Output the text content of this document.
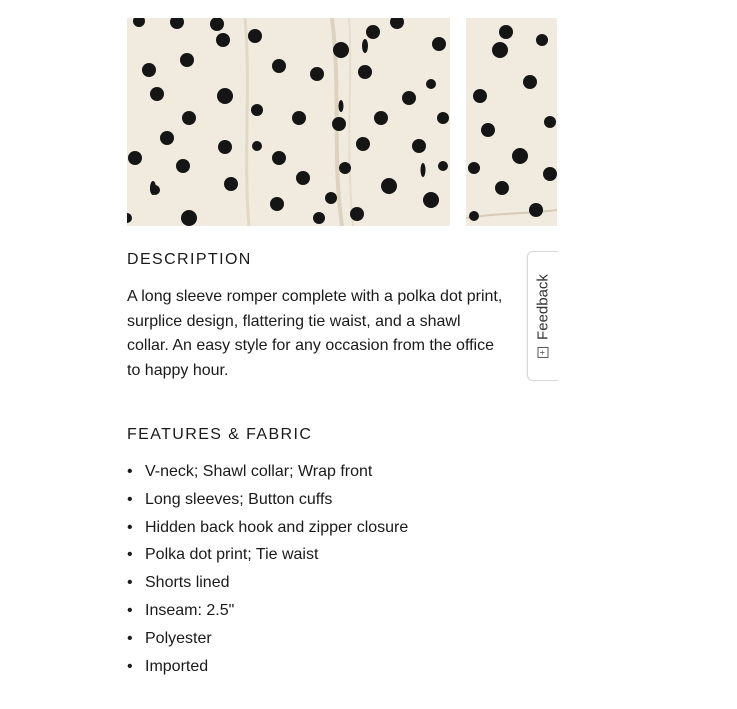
DESCRIPTION

A long sleeve romper complete with a polka dot print,
surplice design, flattering tie waist, and a shawl
collar. An easy style for any occasion from the office
to happy hour.

FEATURES & FABRIC
• V-neck; Shawl collar; Wrap front
• Long sleeves; Button cuffs
• Hidden back hook and zipper closure
• Polka dot print; Tie waist
• Shorts lined
• Inseam: 2.5"
• Polyester
• Imported
+
Feedback
